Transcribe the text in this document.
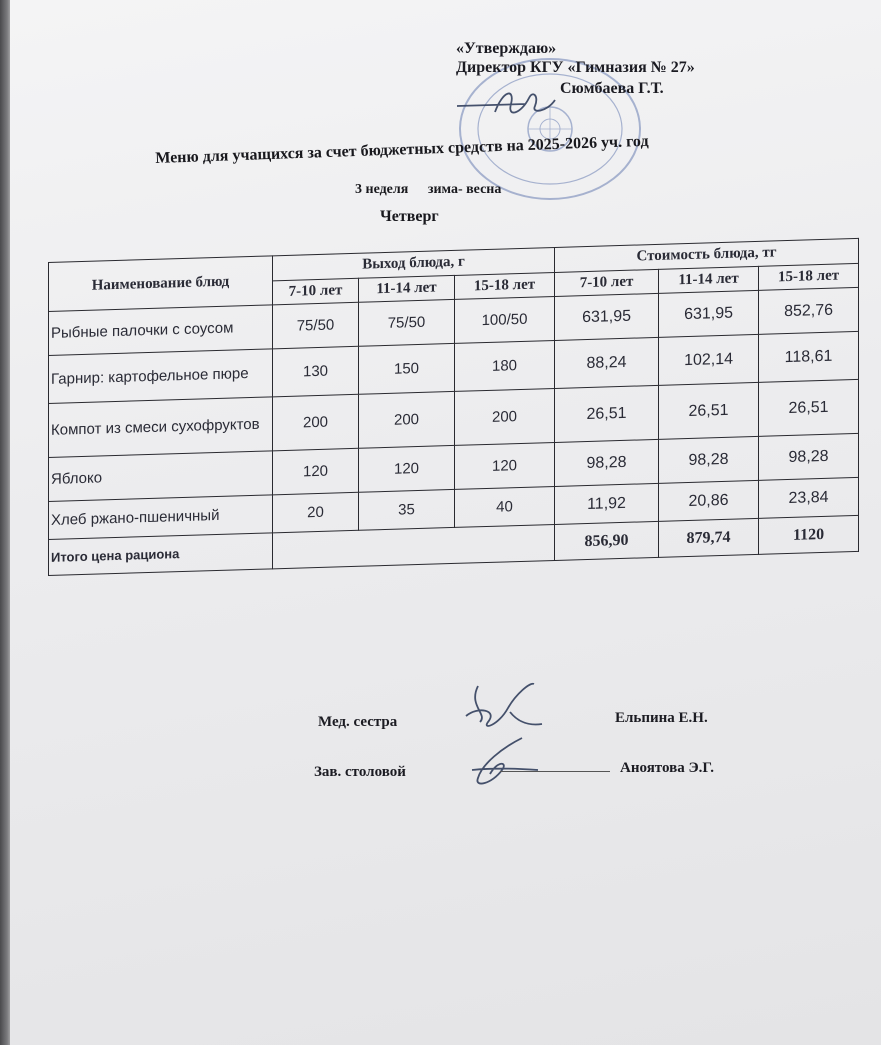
«Утверждаю»
Директор КГУ «Гимназия № 27»
Сюмбаева Г.Т.
Меню для учащихся за счет бюджетных средств на 2025-2026 уч. год
3 неделя зима- весна
Четверг
Наименование блюд	Выход блюда, г			Стоимость блюда, тг		
	7-10 лет	11-14 лет	15-18 лет	7-10 лет	11-14 лет	15-18 лет
Рыбные палочки с соусом	75/50	75/50	100/50	631,95	631,95	852,76
Гарнир: картофельное пюре	130	150	180	88,24	102,14	118,61
Компот из смеси сухофруктов	200	200	200	26,51	26,51	26,51
Яблоко	120	120	120	98,28	98,28	98,28
Хлеб ржано-пшеничный	20	35	40	11,92	20,86	23,84
Итого цена рациона				856,90	879,74	1120
Мед. сестра	Ельпина Е.Н.
Зав. столовой	Аноятова Э.Г.
